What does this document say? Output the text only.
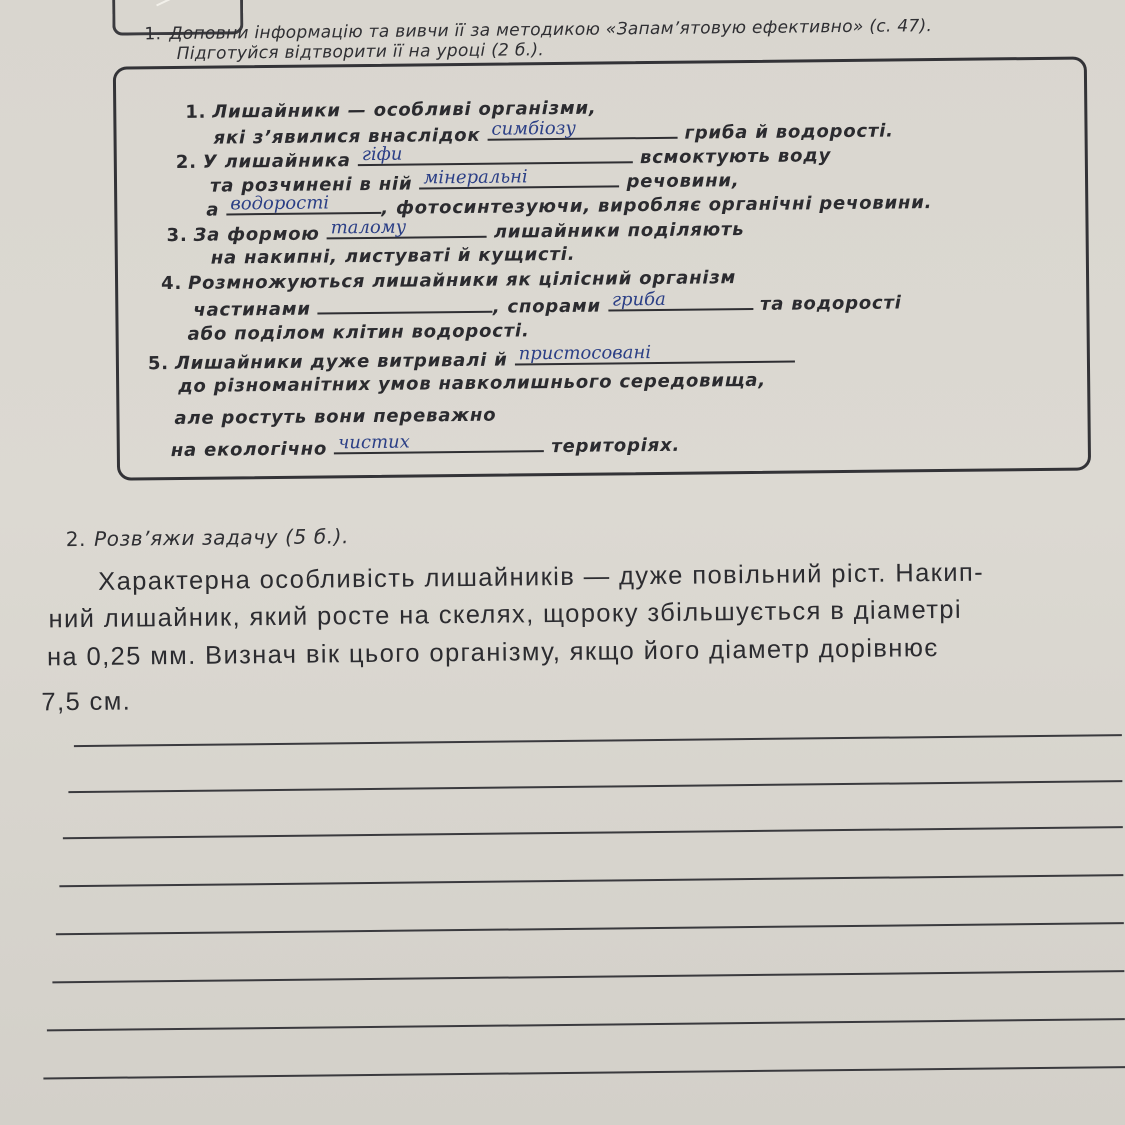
1. Доповни інформацію та вивчи її за методикою «Запам’ятовую ефективно» (с. 47).
Підготуйся відтворити її на уроці (2 б.).
1. Лишайники — особливі організми,
які з’явилися внаслідок симбіозу	гриба й водорості.
2. У лишайника гіфи	всмоктують воду
та розчинені в ній мінеральні	речовини,
а водорості	, фотосинтезуючи, виробляє органічні речовини.
3. За формою талому	лишайники поділяють
на накипні, листуваті й кущисті.
4. Розмножуються лишайники як цілісний організм
частинами	, спорами гриба	та водорості
або поділом клітин водорості.
5. Лишайники дуже витривалі й пристосовані
до різноманітних умов навколишнього середовища,
але ростуть вони переважно
на екологічно чистих	територіях.
2. Розв’яжи задачу (5 б.).
Характерна особливість лишайників — дуже повільний ріст. Накип-
ний лишайник, який росте на скелях, щороку збільшується в діаметрі
на 0,25 мм. Визнач вік цього організму, якщо його діаметр дорівнює
7,5 см.
